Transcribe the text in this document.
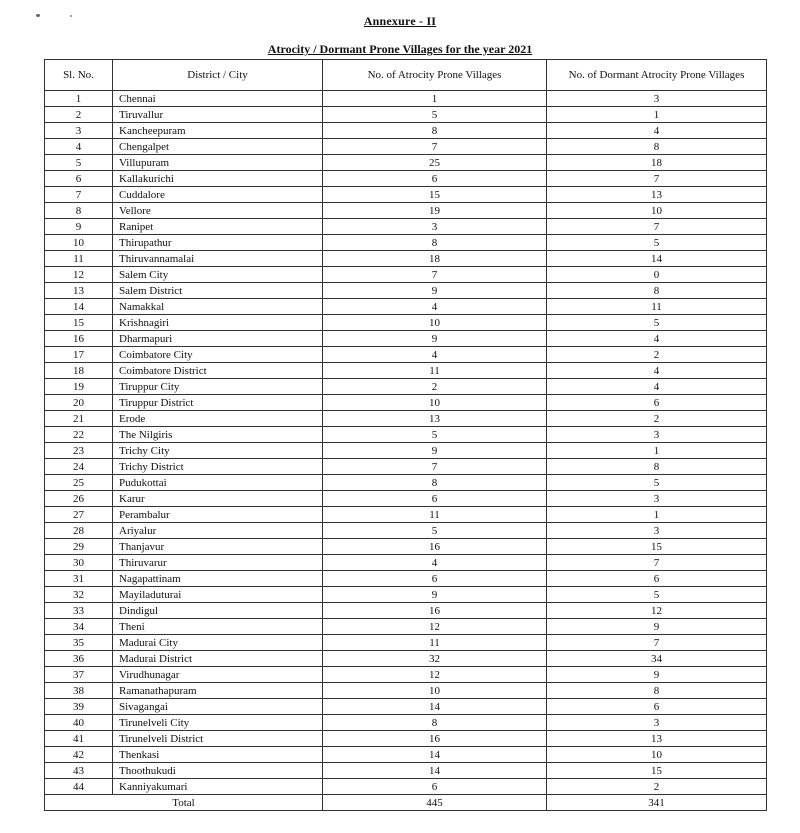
Annexure - II
Atrocity / Dormant Prone Villages for the year 2021
Sl. No.	District / City	No. of Atrocity Prone Villages	No. of Dormant Atrocity Prone Villages
1	Chennai	1	3
2	Tiruvallur	5	1
3	Kancheepuram	8	4
4	Chengalpet	7	8
5	Villupuram	25	18
6	Kallakurichi	6	7
7	Cuddalore	15	13
8	Vellore	19	10
9	Ranipet	3	7
10	Thirupathur	8	5
11	Thiruvannamalai	18	14
12	Salem City	7	0
13	Salem District	9	8
14	Namakkal	4	11
15	Krishnagiri	10	5
16	Dharmapuri	9	4
17	Coimbatore City	4	2
18	Coimbatore District	11	4
19	Tiruppur City	2	4
20	Tiruppur District	10	6
21	Erode	13	2
22	The Nilgiris	5	3
23	Trichy City	9	1
24	Trichy District	7	8
25	Pudukottai	8	5
26	Karur	6	3
27	Perambalur	11	1
28	Ariyalur	5	3
29	Thanjavur	16	15
30	Thiruvarur	4	7
31	Nagapattinam	6	6
32	Mayiladuturai	9	5
33	Dindigul	16	12
34	Theni	12	9
35	Madurai City	11	7
36	Madurai District	32	34
37	Virudhunagar	12	9
38	Ramanathapuram	10	8
39	Sivagangai	14	6
40	Tirunelveli City	8	3
41	Tirunelveli District	16	13
42	Thenkasi	14	10
43	Thoothukudi	14	15
44	Kanniyakumari	6	2
Total		445	341
